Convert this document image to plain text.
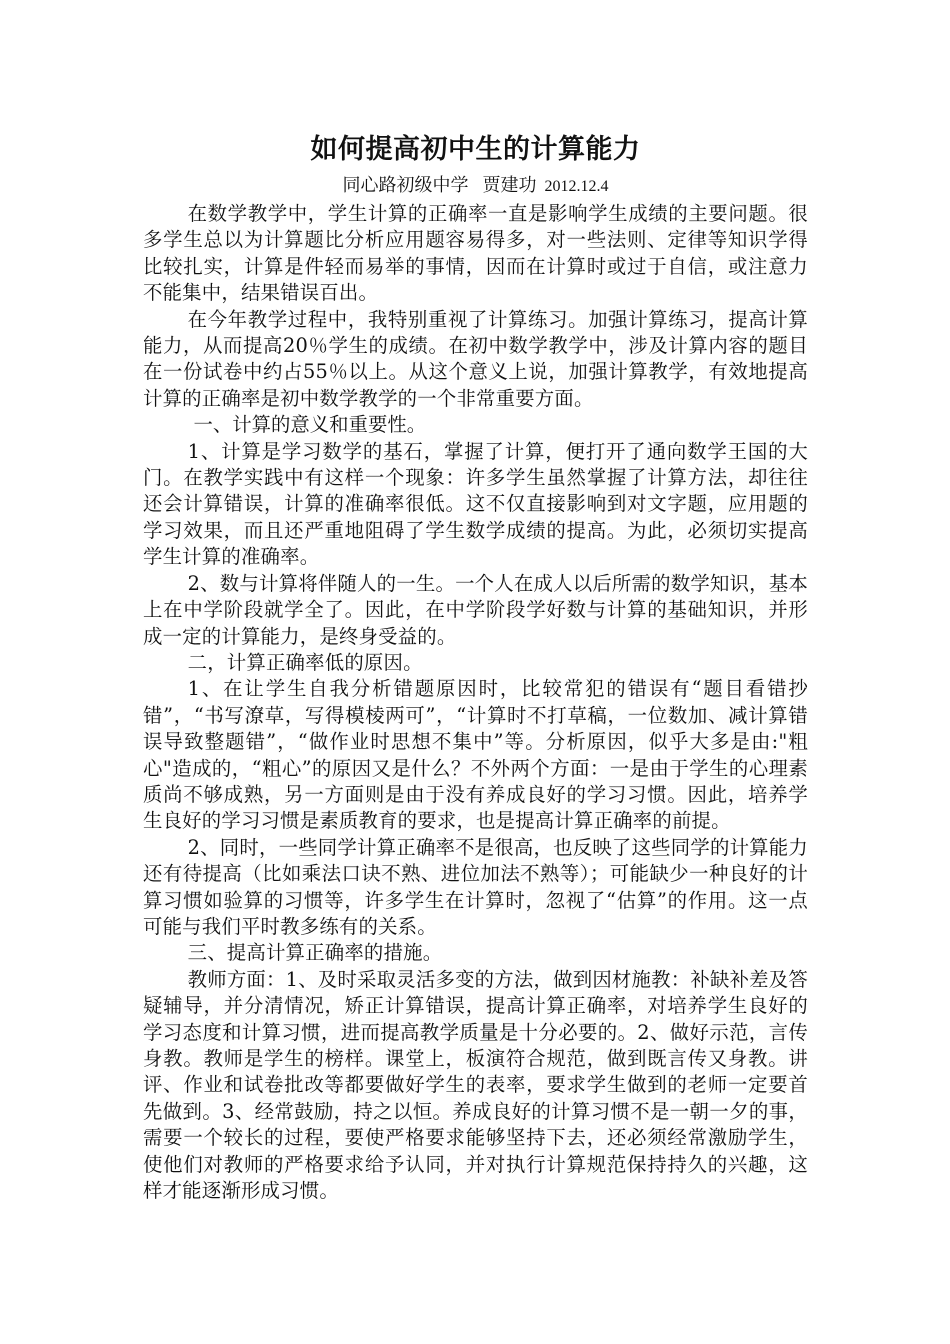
如何提高初中生的计算能力

同心路初级中学 贾建功 2012.12.4

在数学教学中，学生计算的正确率一直是影响学生成绩的主要问题。很多学生总以为计算题比分析应用题容易得多，对一些法则、定律等知识学得比较扎实，计算是件轻而易举的事情，因而在计算时或过于自信，或注意力不能集中，结果错误百出。

在今年教学过程中，我特别重视了计算练习。加强计算练习，提高计算能力，从而提高20％学生的成绩。在初中数学教学中，涉及计算内容的题目在一份试卷中约占55％以上。从这个意义上说，加强计算教学，有效地提高计算的正确率是初中数学教学的一个非常重要方面。

一、计算的意义和重要性。

1、计算是学习数学的基石，掌握了计算，便打开了通向数学王国的大门。在教学实践中有这样一个现象：许多学生虽然掌握了计算方法，却往往还会计算错误，计算的准确率很低。这不仅直接影响到对文字题，应用题的学习效果，而且还严重地阻碍了学生数学成绩的提高。为此，必须切实提高学生计算的准确率。

2、数与计算将伴随人的一生。一个人在成人以后所需的数学知识，基本上在中学阶段就学全了。因此，在中学阶段学好数与计算的基础知识，并形成一定的计算能力，是终身受益的。

二，计算正确率低的原因。

1、在让学生自我分析错题原因时，比较常犯的错误有“题目看错抄错”，“书写潦草，写得模棱两可”，“计算时不打草稿，一位数加、减计算错误导致整题错”，“做作业时思想不集中”等。分析原因，似乎大多是由:"粗心"造成的，“粗心”的原因又是什么？不外两个方面：一是由于学生的心理素质尚不够成熟，另一方面则是由于没有养成良好的学习习惯。因此，培养学生良好的学习习惯是素质教育的要求，也是提高计算正确率的前提。

2、同时，一些同学计算正确率不是很高，也反映了这些同学的计算能力还有待提高（比如乘法口诀不熟、进位加法不熟等）；可能缺少一种良好的计算习惯如验算的习惯等，许多学生在计算时，忽视了“估算”的作用。这一点可能与我们平时教多练有的关系。

三、提高计算正确率的措施。

教师方面：1、及时采取灵活多变的方法，做到因材施教：补缺补差及答疑辅导，并分清情况，矫正计算错误，提高计算正确率，对培养学生良好的学习态度和计算习惯，进而提高教学质量是十分必要的。2、做好示范，言传身教。教师是学生的榜样。课堂上，板演符合规范，做到既言传又身教。讲评、作业和试卷批改等都要做好学生的表率，要求学生做到的老师一定要首先做到。3、经常鼓励，持之以恒。养成良好的计算习惯不是一朝一夕的事，需要一个较长的过程，要使严格要求能够坚持下去，还必须经常激励学生，使他们对教师的严格要求给予认同，并对执行计算规范保持持久的兴趣，这样才能逐渐形成习惯。
